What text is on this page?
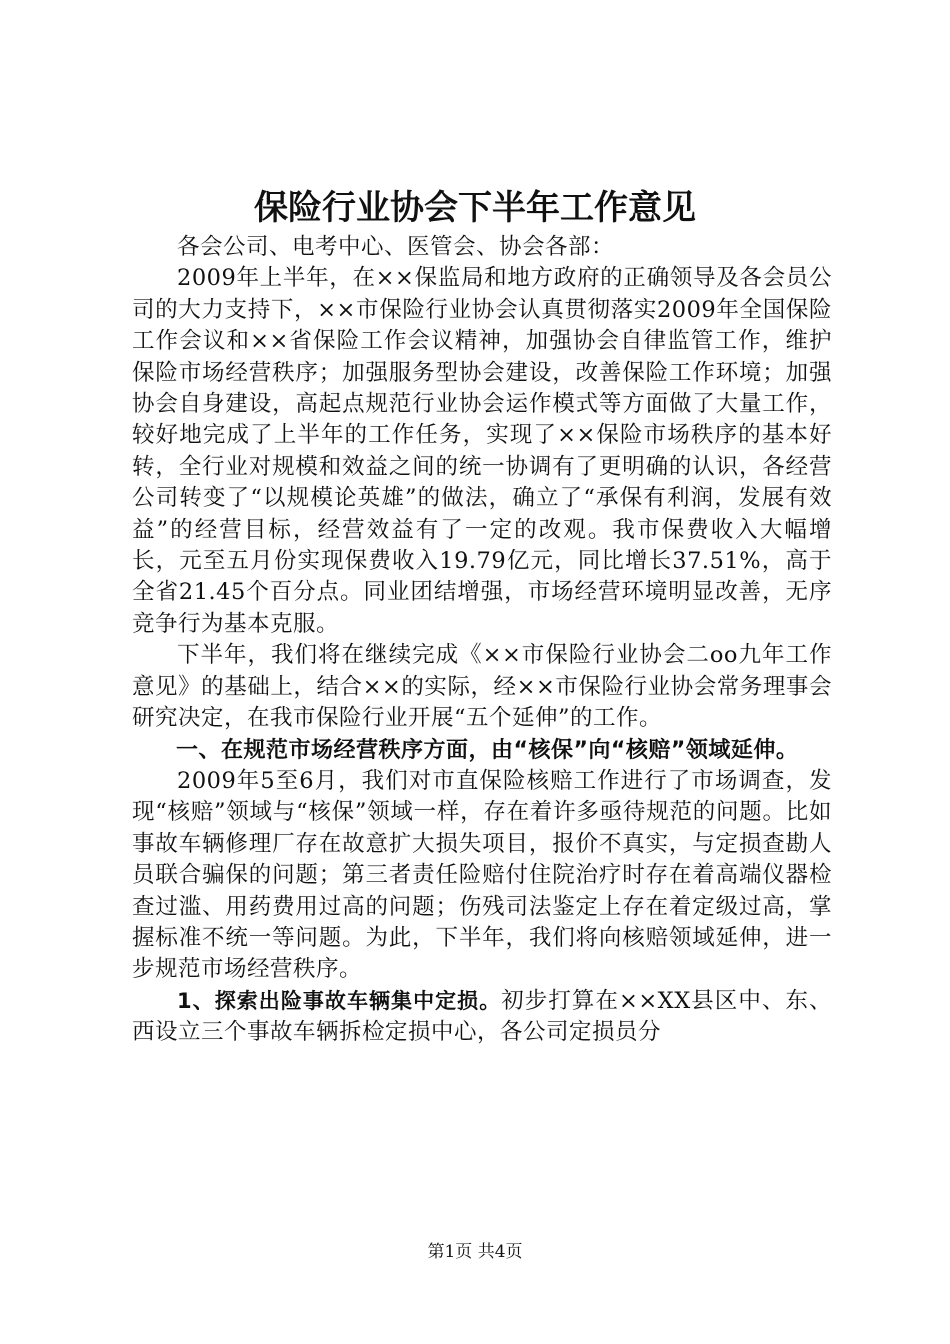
保险行业协会下半年工作意见

各会公司、电考中心、医管会、协会各部：

2009年上半年，在××保监局和地方政府的正确领导及各会员公司的大力支持下，××市保险行业协会认真贯彻落实2009年全国保险工作会议和××省保险工作会议精神，加强协会自律监管工作，维护保险市场经营秩序；加强服务型协会建设，改善保险工作环境；加强协会自身建设，高起点规范行业协会运作模式等方面做了大量工作，较好地完成了上半年的工作任务，实现了××保险市场秩序的基本好转，全行业对规模和效益之间的统一协调有了更明确的认识，各经营公司转变了“以规模论英雄”的做法，确立了“承保有利润，发展有效益”的经营目标，经营效益有了一定的改观。我市保费收入大幅增长，元至五月份实现保费收入19.79亿元，同比增长37.51%，高于全省21.45个百分点。同业团结增强，市场经营环境明显改善，无序竞争行为基本克服。

下半年，我们将在继续完成《××市保险行业协会二oo九年工作意见》的基础上，结合××的实际，经××市保险行业协会常务理事会研究决定，在我市保险行业开展“五个延伸”的工作。

一、在规范市场经营秩序方面，由“核保”向“核赔”领域延伸。

2009年5至6月，我们对市直保险核赔工作进行了市场调查，发现“核赔”领域与“核保”领域一样，存在着许多亟待规范的问题。比如事故车辆修理厂存在故意扩大损失项目，报价不真实，与定损查勘人员联合骗保的问题；第三者责任险赔付住院治疗时存在着高端仪器检查过滥、用药费用过高的问题；伤残司法鉴定上存在着定级过高，掌握标准不统一等问题。为此，下半年，我们将向核赔领域延伸，进一步规范市场经营秩序。

1、探索出险事故车辆集中定损。初步打算在××XX县区中、东、西设立三个事故车辆拆检定损中心，各公司定损员分

第1页 共4页
